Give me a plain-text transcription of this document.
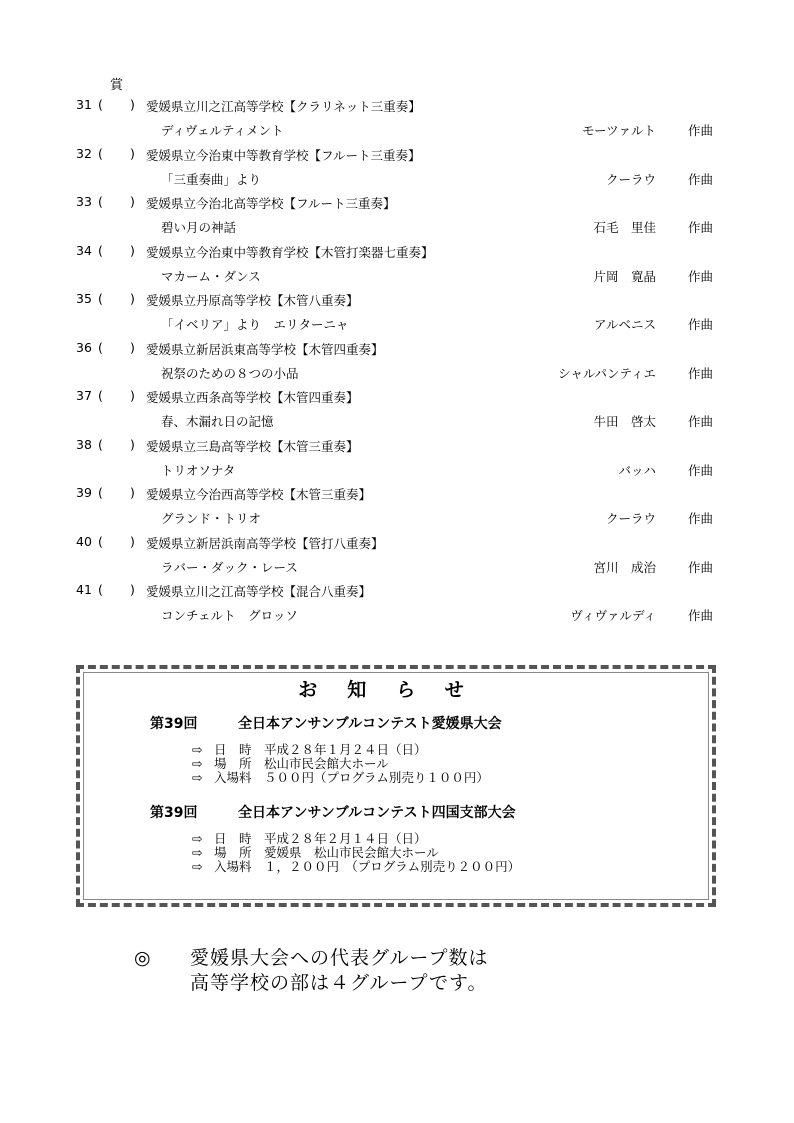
賞
31 ( ) 愛媛県立川之江高等学校【クラリネット三重奏】
ディヴェルティメント	モーツァルト	作曲
32 ( ) 愛媛県立今治東中等教育学校【フルート三重奏】
「三重奏曲」より	クーラウ	作曲
33 ( ) 愛媛県立今治北高等学校【フルート三重奏】
碧い月の神話	石毛　里佳	作曲
34 ( ) 愛媛県立今治東中等教育学校【木管打楽器七重奏】
マカーム・ダンス	片岡　寛晶	作曲
35 ( ) 愛媛県立丹原高等学校【木管八重奏】
「イベリア」より　エリターニャ	アルベニス	作曲
36 ( ) 愛媛県立新居浜東高等学校【木管四重奏】
祝祭のための８つの小品	シャルパンティエ	作曲
37 ( ) 愛媛県立西条高等学校【木管四重奏】
春、木漏れ日の記憶	牛田　啓太	作曲
38 ( ) 愛媛県立三島高等学校【木管三重奏】
トリオソナタ	バッハ	作曲
39 ( ) 愛媛県立今治西高等学校【木管三重奏】
グランド・トリオ	クーラウ	作曲
40 ( ) 愛媛県立新居浜南高等学校【管打八重奏】
ラバー・ダック・レース	宮川　成治	作曲
41 ( ) 愛媛県立川之江高等学校【混合八重奏】
コンチェルト　グロッソ	ヴィヴァルディ	作曲
お知らせ
第39回	全日本アンサンブルコンテスト愛媛県大会
⇨ 日　時　平成２８年１月２４日（日）
⇨ 場　所　松山市民会館大ホール
⇨ 入場料　５００円（プログラム別売り１００円）
第39回	全日本アンサンブルコンテスト四国支部大会
⇨ 日　時　平成２８年２月１４日（日）
⇨ 場　所　愛媛県　松山市民会館大ホール
⇨ 入場料　１，２００円　（プログラム別売り２００円）
◎ 愛媛県大会への代表グループ数は
高等学校の部は４グループです。
